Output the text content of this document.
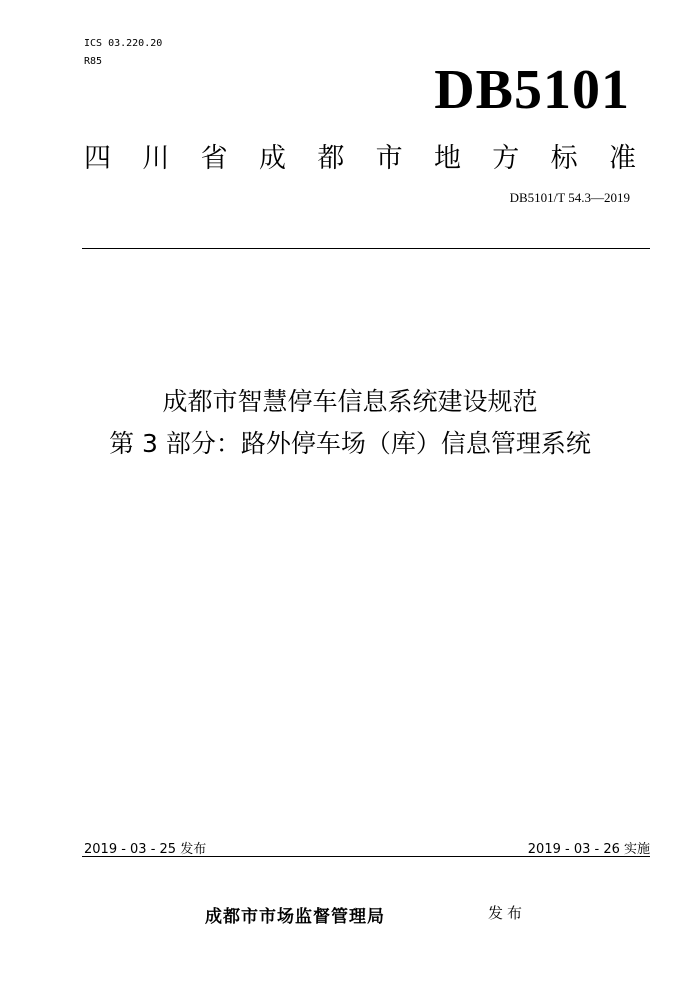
ICS 03.220.20
R85	DB5101
四 川 省 成 都 市 地 方 标 准
DB5101/T 54.3—2019
成都市智慧停车信息系统建设规范
第 3 部分：路外停车场（库）信息管理系统
2019 - 03 - 25 发布	2019 - 03 - 26 实施
成都市市场监督管理局	发布
